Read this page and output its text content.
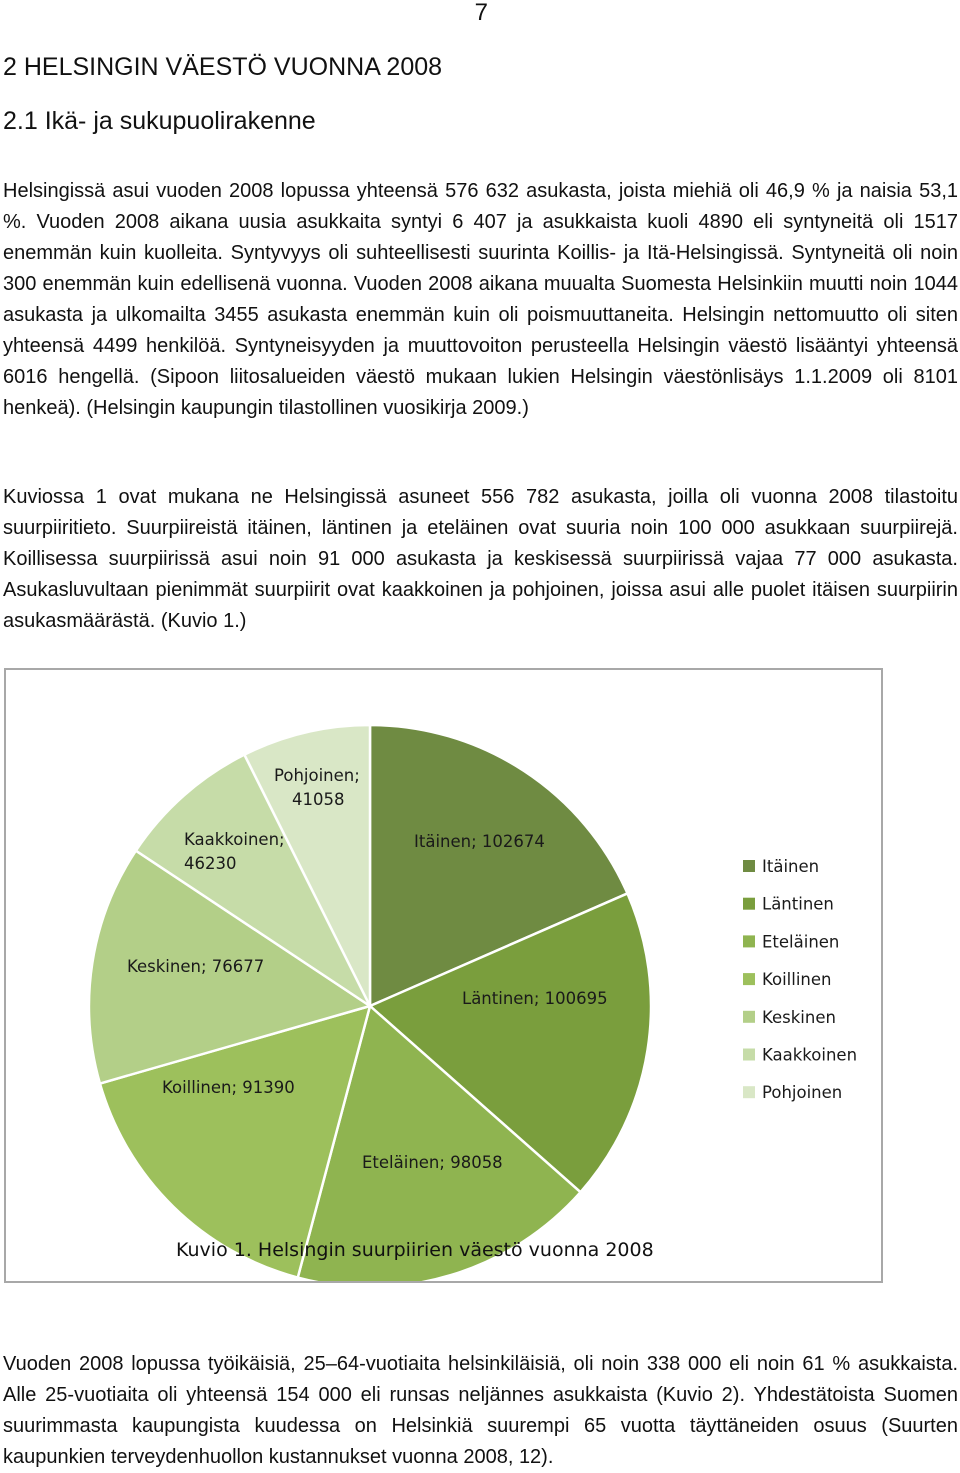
7
2 HELSINGIN VÄESTÖ VUONNA 2008
2.1 Ikä- ja sukupuolirakenne

Helsingissä asui vuoden 2008 lopussa yhteensä 576 632 asukasta, joista miehiä oli 46,9 % ja naisia 53,1 %. Vuoden 2008 aikana uusia asukkaita syntyi 6 407 ja asukkaista kuoli 4890 eli syntyneitä oli 1517 enemmän kuin kuolleita. Syntyvyys oli suhteellisesti suurinta Koillis- ja Itä-Helsingissä. Syntyneitä oli noin 300 enemmän kuin edellisenä vuonna. Vuoden 2008 aikana muualta Suomesta Helsinkiin muutti noin 1044 asukasta ja ulkomailta 3455 asukasta enemmän kuin oli poismuuttaneita. Helsingin nettomuutto oli siten yhteensä 4499 henkilöä. Syntyneisyyden ja muuttovoiton perusteella Helsingin väestö lisääntyi yhteensä 6016 hengellä. (Sipoon liitosalueiden väestö mukaan lukien Helsingin väestönlisäys 1.1.2009 oli 8101 henkeä). (Helsingin kaupungin tilastollinen vuosikirja 2009.)

Kuviossa 1 ovat mukana ne Helsingissä asuneet 556 782 asukasta, joilla oli vuonna 2008 tilastoitu suurpiiritieto. Suurpiireistä itäinen, läntinen ja eteläinen ovat suuria noin 100 000 asukkaan suurpiirejä. Koillisessa suurpiirissä asui noin 91 000 asukasta ja keskisessä suurpiirissä vajaa 77 000 asukasta. Asukasluvultaan pienimmät suurpiirit ovat kaakkoinen ja pohjoinen, joissa asui alle puolet itäisen suurpiirin asukasmäärästä. (Kuvio 1.)

Itäinen; 102674
Läntinen; 100695
Eteläinen; 98058
Koillinen; 91390
Keskinen; 76677
Kaakkoinen;
46230
Pohjoinen;
41058
Itäinen
Läntinen
Eteläinen
Koillinen
Keskinen
Kaakkoinen
Pohjoinen
Kuvio 1. Helsingin suurpiirien väestö vuonna 2008

Vuoden 2008 lopussa työikäisiä, 25–64-vuotiaita helsinkiläisiä, oli noin 338 000 eli noin 61 % asukkaista. Alle 25-vuotiaita oli yhteensä 154 000 eli runsas neljännes asukkaista (Kuvio 2). Yhdestätoista Suomen suurimmasta kaupungista kuudessa on Helsinkiä suurempi 65 vuotta täyttäneiden osuus (Suurten kaupunkien terveydenhuollon kustannukset vuonna 2008, 12).
